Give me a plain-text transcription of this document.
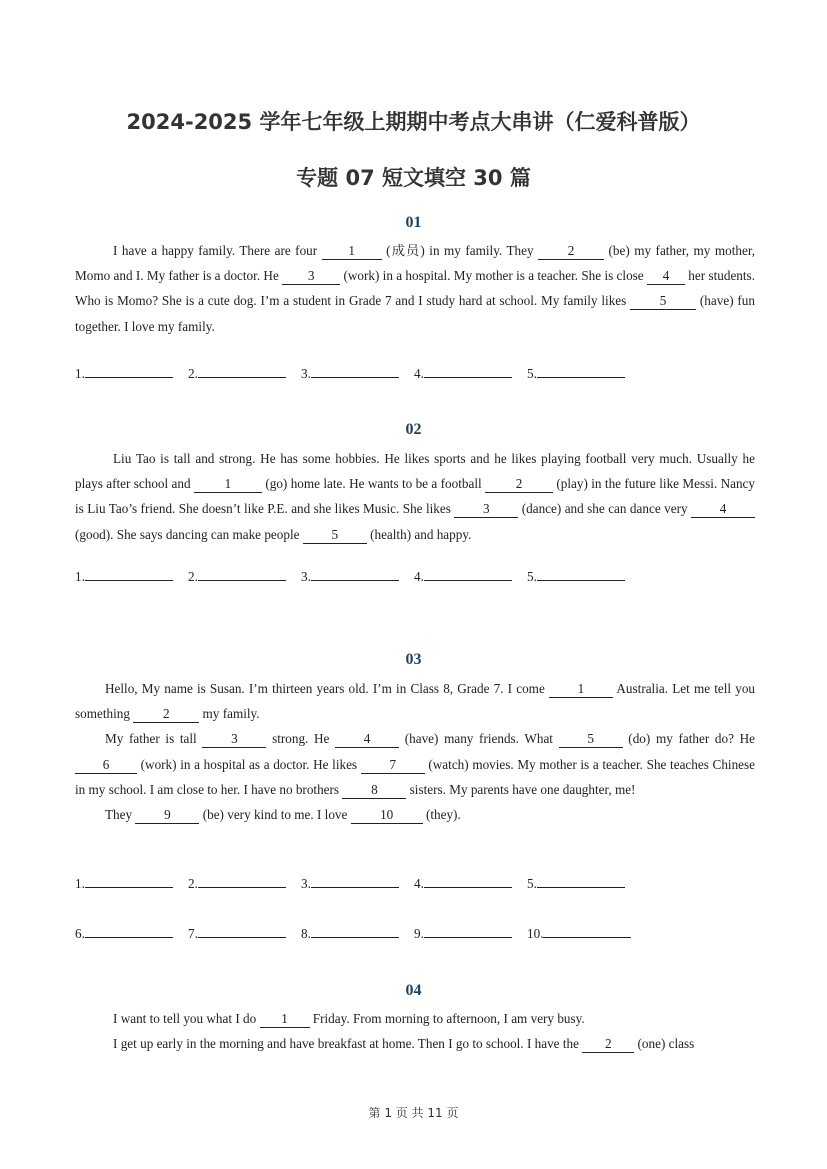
2024-2025 学年七年级上期期中考点大串讲（仁爱科普版）
专题 07 短文填空 30 篇
01

I have a happy family. There are four 1 (成员) in my family. They 2 (be) my father, my mother, Momo and I. My father is a doctor. He 3 (work) in a hospital. My mother is a teacher. She is close 4 her students. Who is Momo? She is a cute dog. I’m a student in Grade 7 and I study hard at school. My family likes 5 (have) fun together. I love my family.

1.	2.	3.	4.	5.
02

Liu Tao is tall and strong. He has some hobbies. He likes sports and he likes playing football very much. Usually he plays after school and 1 (go) home late. He wants to be a football 2 (play) in the future like Messi. Nancy is Liu Tao’s friend. She doesn’t like P.E. and she likes Music. She likes 3 (dance) and she can dance very 4 (good). She says dancing can make people 5 (health) and happy.

1.	2.	3.	4.	5.
03

Hello, My name is Susan. I’m thirteen years old. I’m in Class 8, Grade 7. I come 1 Australia. Let me tell you something 2 my family.

My father is tall 3 strong. He 4 (have) many friends. What 5 (do) my father do? He 6 (work) in a hospital as a doctor. He likes 7 (watch) movies. My mother is a teacher. She teaches Chinese in my school. I am close to her. I have no brothers 8 sisters. My parents have one daughter, me!

They 9 (be) very kind to me. I love 10 (they).

1.	2.	3.	4.	5.
6.	7.	8.	9.	10.
04

I want to tell you what I do 1 Friday. From morning to afternoon, I am very busy.

I get up early in the morning and have breakfast at home. Then I go to school. I have the 2 (one) class

第 1 页 共 11 页
